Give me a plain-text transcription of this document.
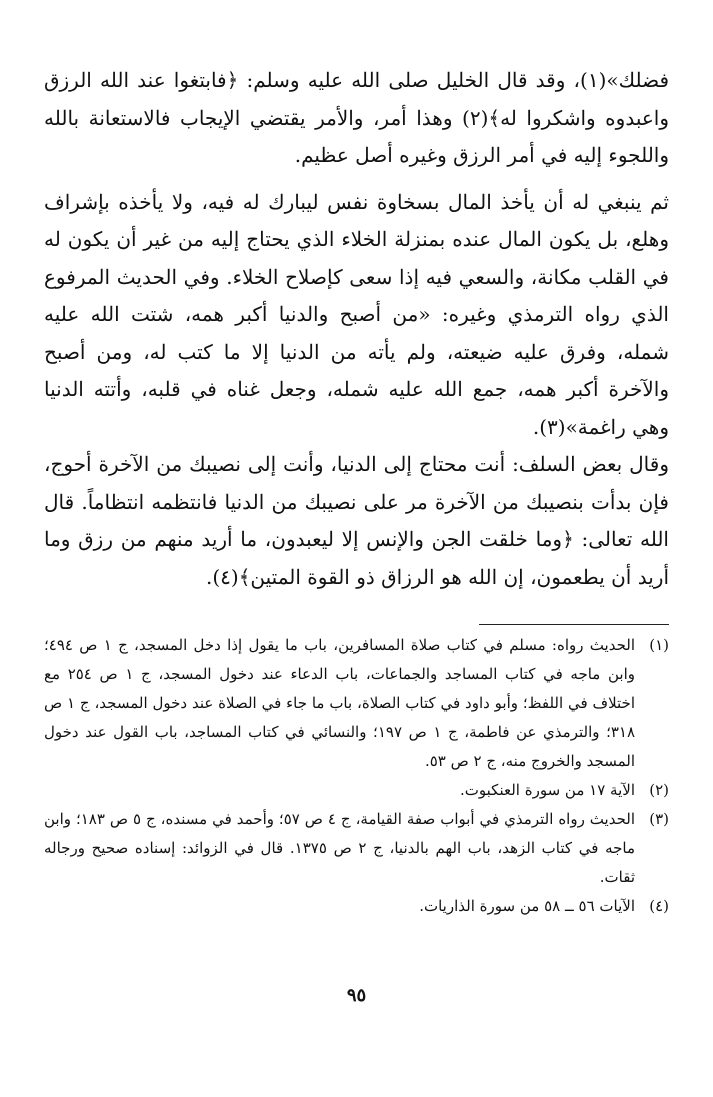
فضلك»(١)، وقد قال الخليل صلى الله عليه وسلم: ﴿فابتغوا عند الله الرزق واعبدوه واشكروا له﴾(٢) وهذا أمر، والأمر يقتضي الإيجاب فالاستعانة بالله واللجوء إليه في أمر الرزق وغيره أصل عظيم.

ثم ينبغي له أن يأخذ المال بسخاوة نفس ليبارك له فيه، ولا يأخذه بإشراف وهلع، بل يكون المال عنده بمنزلة الخلاء الذي يحتاج إليه من غير أن يكون له في القلب مكانة، والسعي فيه إذا سعى كإصلاح الخلاء. وفي الحديث المرفوع الذي رواه الترمذي وغيره: «من أصبح والدنيا أكبر همه، شتت الله عليه شمله، وفرق عليه ضيعته، ولم يأته من الدنيا إلا ما كتب له، ومن أصبح والآخرة أكبر همه، جمع الله عليه شمله، وجعل غناه في قلبه، وأتته الدنيا وهي راغمة»(٣).

وقال بعض السلف: أنت محتاج إلى الدنيا، وأنت إلى نصيبك من الآخرة أحوج، فإن بدأت بنصيبك من الآخرة مر على نصيبك من الدنيا فانتظمه انتظاماً. قال الله تعالى: ﴿وما خلقت الجن والإنس إلا ليعبدون، ما أريد منهم من رزق وما أريد أن يطعمون، إن الله هو الرزاق ذو القوة المتين﴾(٤).

(١)
الحديث رواه: مسلم في كتاب صلاة المسافرين، باب ما يقول إذا دخل المسجد، ج ١ ص ٤٩٤؛ وابن ماجه في كتاب المساجد والجماعات، باب الدعاء عند دخول المسجد، ج ١ ص ٢٥٤ مع اختلاف في اللفظ؛ وأبو داود في كتاب الصلاة، باب ما جاء في الصلاة عند دخول المسجد، ج ١ ص ٣١٨؛ والترمذي عن فاطمة، ج ١ ص ١٩٧؛ والنسائي في كتاب المساجد، باب القول عند دخول المسجد والخروج منه، ج ٢ ص ٥٣.
(٢)
الآية ١٧ من سورة العنكبوت.
(٣)
الحديث رواه الترمذي في أبواب صفة القيامة، ج ٤ ص ٥٧؛ وأحمد في مسنده، ج ٥ ص ١٨٣؛ وابن ماجه في كتاب الزهد، باب الهم بالدنيا، ج ٢ ص ١٣٧٥. قال في الزوائد: إسناده صحيح ورجاله ثقات.
(٤)
الآيات ٥٦ ــ ٥٨ من سورة الذاريات.
٩٥
